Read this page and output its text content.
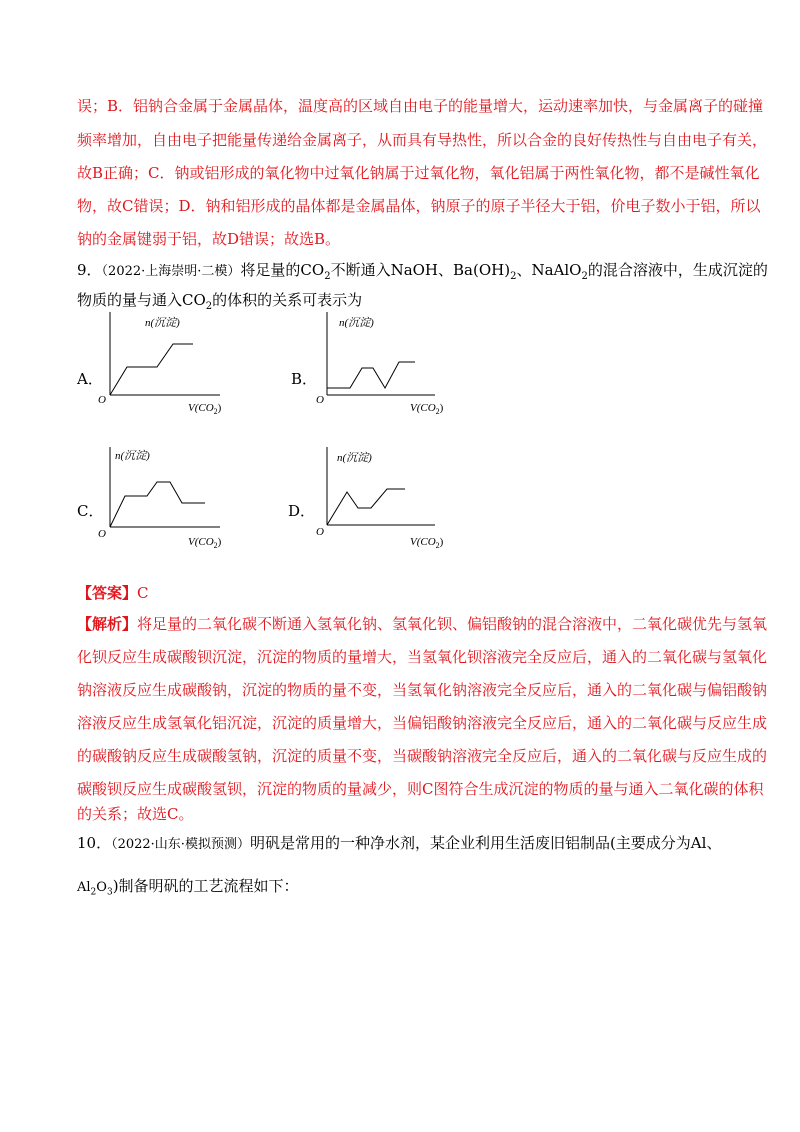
误；B．铝钠合金属于金属晶体，温度高的区域自由电子的能量增大，运动速率加快，与金属离子的碰撞
频率增加，自由电子把能量传递给金属离子，从而具有导热性，所以合金的良好传热性与自由电子有关，
故B正确；C．钠或铝形成的氧化物中过氧化钠属于过氧化物，氧化铝属于两性氧化物，都不是碱性氧化
物，故C错误；D．钠和铝形成的晶体都是金属晶体，钠原子的原子半径大于铝，价电子数小于铝，所以
钠的金属键弱于铝，故D错误；故选B。
9．（2022·上海崇明·二模）将足量的$CO_2$不断通入NaOH、$Ba(OH)_2$、NaAlO$_2$的混合溶液中，生成沉淀的
物质的量与通入$CO_2$的体积的关系可表示为
A．
n(沉淀)
O
$V(CO_2)$
B．
n(沉淀)
O
$V(CO_2)$
C．
n(沉淀)
O
$V(CO_2)$
D．
n(沉淀)
O
$V(CO_2)$
【答案】C
【解析】将足量的二氧化碳不断通入氢氧化钠、氢氧化钡、偏铝酸钠的混合溶液中，二氧化碳优先与氢氧
化钡反应生成碳酸钡沉淀，沉淀的物质的量增大，当氢氧化钡溶液完全反应后，通入的二氧化碳与氢氧化
钠溶液反应生成碳酸钠，沉淀的物质的量不变，当氢氧化钠溶液完全反应后，通入的二氧化碳与偏铝酸钠
溶液反应生成氢氧化铝沉淀，沉淀的质量增大，当偏铝酸钠溶液完全反应后，通入的二氧化碳与反应生成
的碳酸钠反应生成碳酸氢钠，沉淀的质量不变，当碳酸钠溶液完全反应后，通入的二氧化碳与反应生成的
碳酸钡反应生成碳酸氢钡，沉淀的物质的量减少，则C图符合生成沉淀的物质的量与通入二氧化碳的体积
的关系；故选C。
10．（2022·山东·模拟预测）明矾是常用的一种净水剂，某企业利用生活废旧铝制品(主要成分为Al、
$Al_2O_3$)制备明矾的工艺流程如下：
